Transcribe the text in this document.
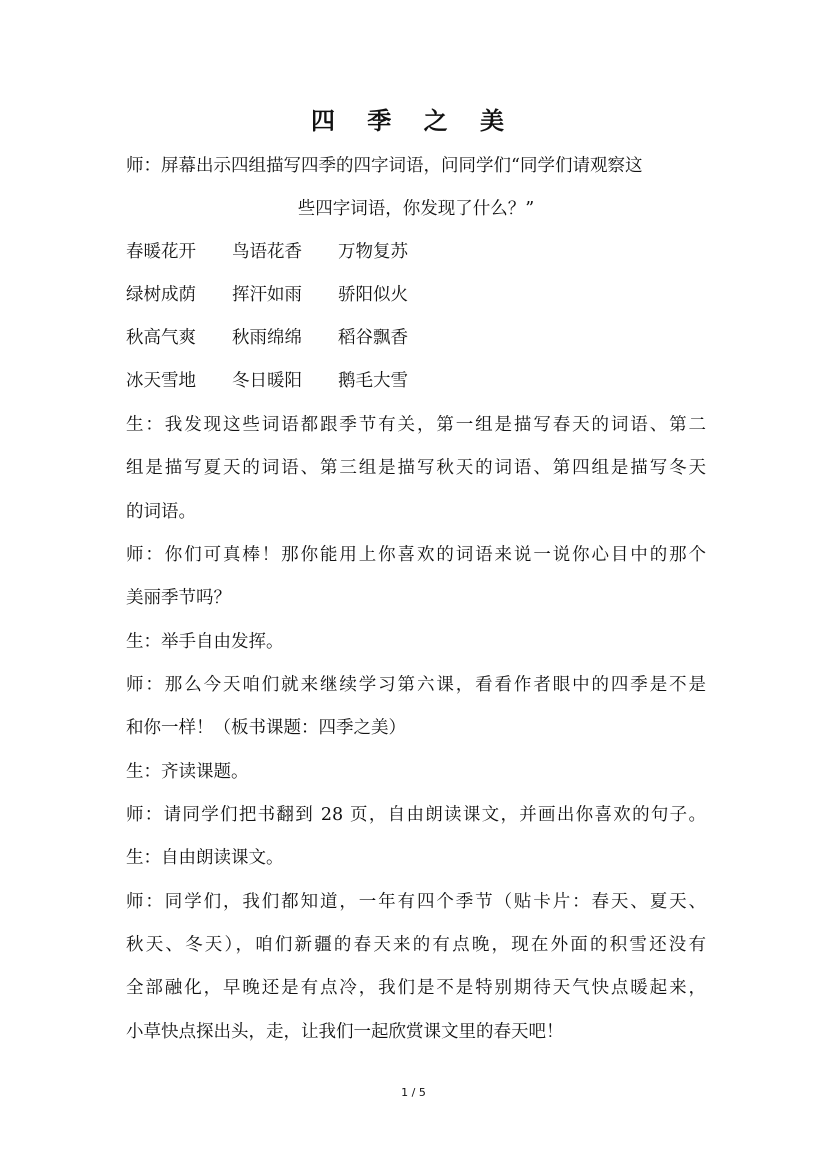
四 季 之 美
师：屏幕出示四组描写四季的四字词语，问同学们“同学们请观察这
些四字词语，你发现了什么？”
春暖花开 鸟语花香 万物复苏
绿树成荫 挥汗如雨 骄阳似火
秋高气爽 秋雨绵绵 稻谷飘香
冰天雪地 冬日暖阳 鹅毛大雪
生：我发现这些词语都跟季节有关，第一组是描写春天的词语、第二
组是描写夏天的词语、第三组是描写秋天的词语、第四组是描写冬天
的词语。
师：你们可真棒！那你能用上你喜欢的词语来说一说你心目中的那个
美丽季节吗？
生：举手自由发挥。
师：那么今天咱们就来继续学习第六课，看看作者眼中的四季是不是
和你一样！（板书课题：四季之美）
生：齐读课题。
师：请同学们把书翻到 28 页，自由朗读课文，并画出你喜欢的句子。
生：自由朗读课文。
师：同学们，我们都知道，一年有四个季节（贴卡片：春天、夏天、
秋天、冬天），咱们新疆的春天来的有点晚，现在外面的积雪还没有
全部融化，早晚还是有点冷，我们是不是特别期待天气快点暖起来，
小草快点探出头，走，让我们一起欣赏课文里的春天吧！
1 / 5
